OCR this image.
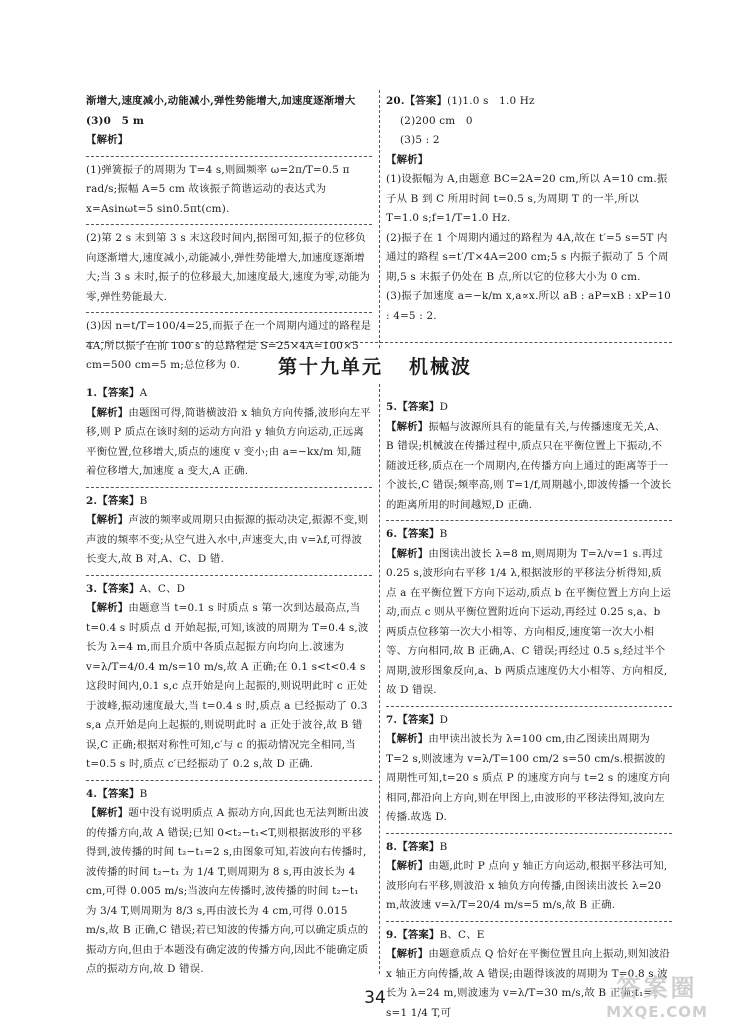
渐增大,速度减小,动能减小,弹性势能增大,加速度逐渐增大

(3)0　5 m

【解析】

(1)弹簧振子的周期为 T=4 s,则圆频率 ω=2π/T=0.5 π rad/s;振幅 A=5 cm 故该振子简谐运动的表达式为 x=Asinωt=5 sin0.5πt(cm).

(2)第 2 s 末到第 3 s 末这段时间内,据图可知,振子的位移负向逐渐增大,速度减小,动能减小,弹性势能增大,加速度逐渐增大;当 3 s 末时,振子的位移最大,加速度最大,速度为零,动能为零,弹性势能最大.

(3)因 n=t/T=100/4=25,而振子在一个周期内通过的路程是 4A,所以振子在前 100 s 的总路程是 S=25×4A=100×5 cm=500 cm=5 m;总位移为 0.

20.【答案】(1)1.0 s　1.0 Hz

(2)200 cm　0

(3)5 : 2

【解析】

(1)设振幅为 A,由题意 BC=2A=20 cm,所以 A=10 cm.振子从 B 到 C 所用时间 t=0.5 s,为周期 T 的一半,所以 T=1.0 s;f=1/T=1.0 Hz.

(2)振子在 1 个周期内通过的路程为 4A,故在 t′=5 s=5T 内通过的路程 s=t′/T×4A=200 cm;5 s 内振子振动了 5 个周期,5 s 末振子仍处在 B 点,所以它的位移大小为 0 cm.

(3)振子加速度 a=−k/m x,a∝x.所以 aB : aP=xB : xP=10 : 4=5 : 2.

第十九单元 机械波

1.【答案】A

【解析】由题图可得,简谐横波沿 x 轴负方向传播,波形向左平移,则 P 质点在该时刻的运动方向沿 y 轴负方向运动,正远离平衡位置,位移增大,质点的速度 v 变小;由 a=−kx/m 知,随着位移增大,加速度 a 变大,A 正确.

2.【答案】B

【解析】声波的频率或周期只由振源的振动决定,振源不变,则声波的频率不变;从空气进入水中,声速变大,由 v=λf,可得波长变大,故 B 对,A、C、D 错.

3.【答案】A、C、D

【解析】由题意当 t=0.1 s 时质点 s 第一次到达最高点,当 t=0.4 s 时质点 d 开始起振,可知,该波的周期为 T=0.4 s,波长为 λ=4 m,而且介质中各质点起振方向均向上.波速为 v=λ/T=4/0.4 m/s=10 m/s,故 A 正确;在 0.1 s<t<0.4 s 这段时间内,0.1 s,c 点开始是向上起振的,则说明此时 c 正处于波峰,振动速度最大,当 t=0.4 s 时,质点 a 已经振动了 0.3 s,a 点开始是向上起振的,则说明此时 a 正处于波谷,故 B 错误,C 正确;根据对称性可知,c′与 c 的振动情况完全相同,当 t=0.5 s 时,质点 c′已经振动了 0.2 s,故 D 正确.

4.【答案】B

【解析】题中没有说明质点 A 振动方向,因此也无法判断出波的传播方向,故 A 错误;已知 0<t₂−t₁<T,则根据波形的平移得到,波传播的时间 t₂−t₁=2 s,由图象可知,若波向右传播时,波传播的时间 t₂−t₁ 为 1/4 T,则周期为 8 s,再由波长为 4 cm,可得 0.005 m/s;当波向左传播时,波传播的时间 t₂−t₁ 为 3/4 T,则周期为 8/3 s,再由波长为 4 cm,可得 0.015 m/s,故 B 正确,C 错误;若已知波的传播方向,可以确定质点的振动方向,但由于本题没有确定波的传播方向,因此不能确定质点的振动方向,故 D 错误.

5.【答案】D

【解析】振幅与波源所具有的能量有关,与传播速度无关,A、B 错误;机械波在传播过程中,质点只在平衡位置上下振动,不随波迁移,质点在一个周期内,在传播方向上通过的距离等于一个波长,C 错误;频率高,则 T=1/f,周期越小,即波传播一个波长的距离所用的时间越短,D 正确.

6.【答案】B

【解析】由图读出波长 λ=8 m,则周期为 T=λ/v=1 s.再过 0.25 s,波形向右平移 1/4 λ,根据波形的平移法分析得知,质点 a 在平衡位置下方向下运动,质点 b 在平衡位置上方向上运动,而点 c 则从平衡位置附近向下运动,再经过 0.25 s,a、b 两质点位移第一次大小相等、方向相反,速度第一次大小相等、方向相同,故 B 正确,A、C 错误;再经过 0.5 s,经过半个周期,波形图象反向,a、b 两质点速度仍大小相等、方向相反,故 D 错误.

7.【答案】D

【解析】由甲读出波长为 λ=100 cm,由乙图读出周期为 T=2 s,则波速为 v=λ/T=100 cm/2 s=50 cm/s.根据波的周期性可知,t=20 s 质点 P 的速度方向与 t=2 s 的速度方向相同,都沿向上方向,则在甲图上,由波形的平移法得知,波向左传播.故选 D.

8.【答案】B

【解析】由题,此时 P 点向 y 轴正方向运动,根据平移法可知,波形向右平移,则波沿 x 轴负方向传播,由图读出波长 λ=20 m,故波速 v=λ/T=20/4 m/s=5 m/s,故 B 正确.

9.【答案】B、C、E

【解析】由题意质点 Q 恰好在平衡位置且向上振动,则知波沿 x 轴正方向传播,故 A 错误;由题得该波的周期为 T=0.8 s,波长为 λ=24 m,则波速为 v=λ/T=30 m/s,故 B 正确;t₁=1 s=1 1/4 T,可

34	答案圈
MXQE.COM
